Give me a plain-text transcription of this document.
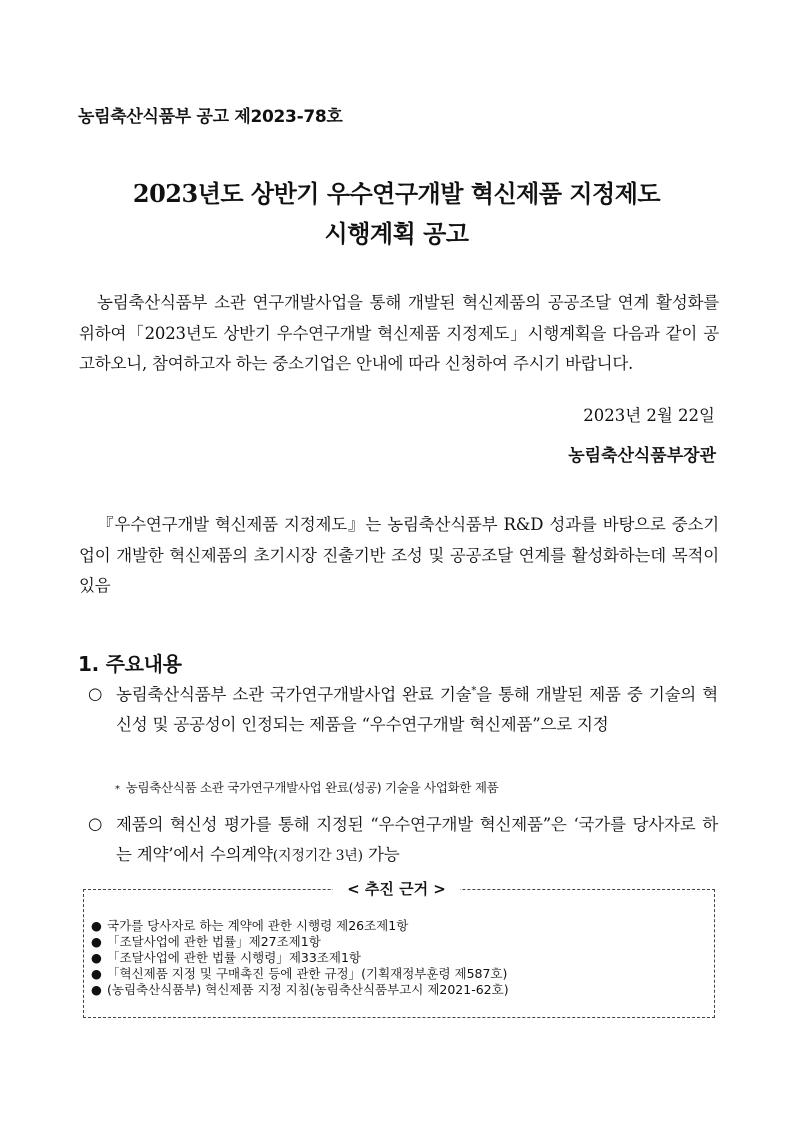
농림축산식품부 공고 제2023-78호
2023년도 상반기 우수연구개발 혁신제품 지정제도
시행계획 공고
농림축산식품부 소관 연구개발사업을 통해 개발된 혁신제품의 공공조달 연계 활성화를 위하여「2023년도 상반기 우수연구개발 혁신제품 지정제도」시행계획을 다음과 같이 공고하오니, 참여하고자 하는 중소기업은 안내에 따라 신청하여 주시기 바랍니다.
2023년 2월 22일
농림축산식품부장관
『우수연구개발 혁신제품 지정제도』는 농림축산식품부 R&D 성과를 바탕으로 중소기업이 개발한 혁신제품의 초기시장 진출기반 조성 및 공공조달 연계를 활성화하는데 목적이 있음
1. 주요내용
○ 농림축산식품부 소관 국가연구개발사업 완료 기술*을 통해 개발된 제품 중 기술의 혁신성 및 공공성이 인정되는 제품을 “우수연구개발 혁신제품”으로 지정
* 농림축산식품 소관 국가연구개발사업 완료(성공) 기술을 사업화한 제품
○ 제품의 혁신성 평가를 통해 지정된 “우수연구개발 혁신제품”은 ‘국가를 당사자로 하는 계약’에서 수의계약(지정기간 3년) 가능
< 추진 근거 >
● 국가를 당사자로 하는 계약에 관한 시행령 제26조제1항
● 「조달사업에 관한 법률」제27조제1항
● 「조달사업에 관한 법률 시행령」제33조제1항
● 「혁신제품 지정 및 구매촉진 등에 관한 규정」(기획재정부훈령 제587호)
● (농림축산식품부) 혁신제품 지정 지침(농림축산식품부고시 제2021-62호)
